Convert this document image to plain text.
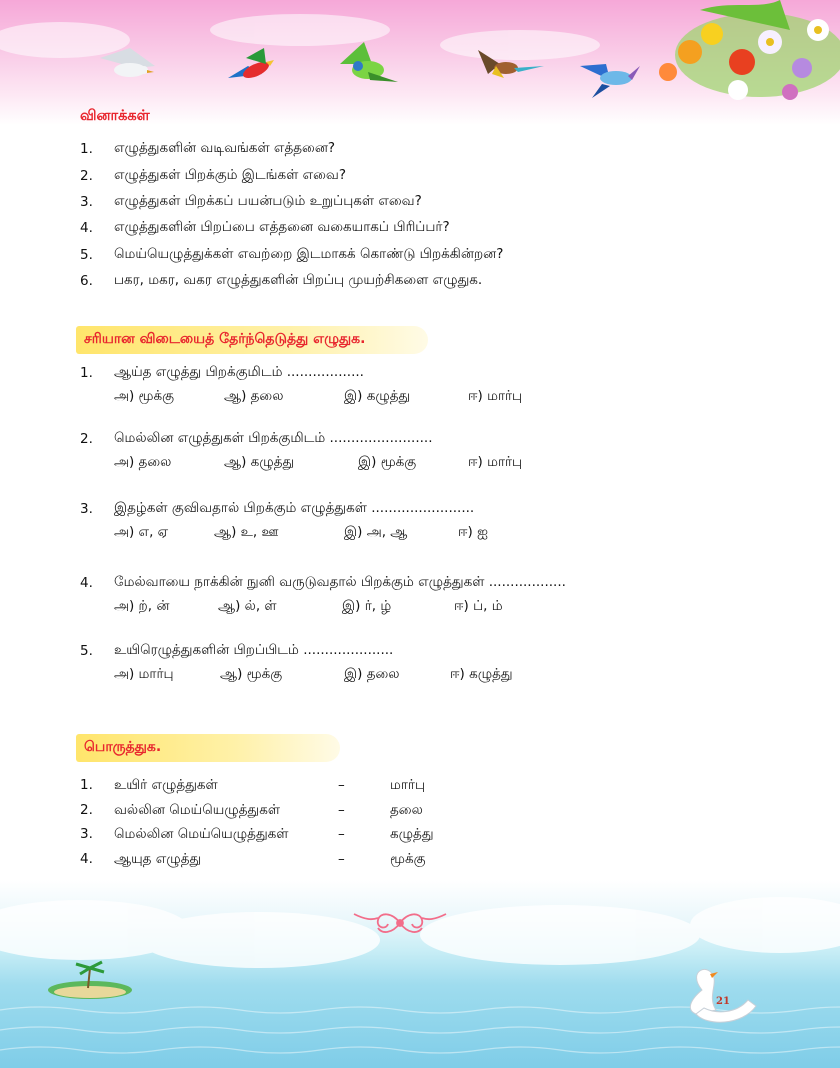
வினாக்கள்
1.	எழுத்துகளின் வடிவங்கள் எத்தனை?
2.	எழுத்துகள் பிறக்கும் இடங்கள் எவை?
3.	எழுத்துகள் பிறக்கப் பயன்படும் உறுப்புகள் எவை?
4.	எழுத்துகளின் பிறப்பை எத்தனை வகையாகப் பிரிப்பர்?
5.	மெய்யெழுத்துக்கள் எவற்றை இடமாகக் கொண்டு பிறக்கின்றன?
6.	பகர, மகர, வகர எழுத்துகளின் பிறப்பு முயற்சிகளை எழுதுக.
சரியான விடையைத் தேர்ந்தெடுத்து எழுதுக.
1.	ஆய்த எழுத்து பிறக்குமிடம் ..................
அ) மூக்கு	ஆ) தலை	இ) கழுத்து	ஈ) மார்பு
2.	மெல்லின எழுத்துகள் பிறக்குமிடம் ........................
அ) தலை	ஆ) கழுத்து	இ) மூக்கு	ஈ) மார்பு
3.	இதழ்கள் குவிவதால் பிறக்கும் எழுத்துகள் ........................
அ) எ, ஏ	ஆ) உ, ஊ	இ) அ, ஆ	ஈ) ஐ
4.	மேல்வாயை நாக்கின் நுனி வருடுவதால் பிறக்கும் எழுத்துகள் ..................
அ) ற், ன்	ஆ) ல், ள்	இ) ர், ழ்	ஈ) ப், ம்
5.	உயிரெழுத்துகளின் பிறப்பிடம் .....................
அ) மார்பு	ஆ) மூக்கு	இ) தலை	ஈ) கழுத்து
பொருத்துக.
1. உயிர் எழுத்துகள்	–	மார்பு
2. வல்லின மெய்யெழுத்துகள்	–	தலை
3. மெல்லின மெய்யெழுத்துகள்	–	கழுத்து
4. ஆயுத எழுத்து	–	மூக்கு
21
